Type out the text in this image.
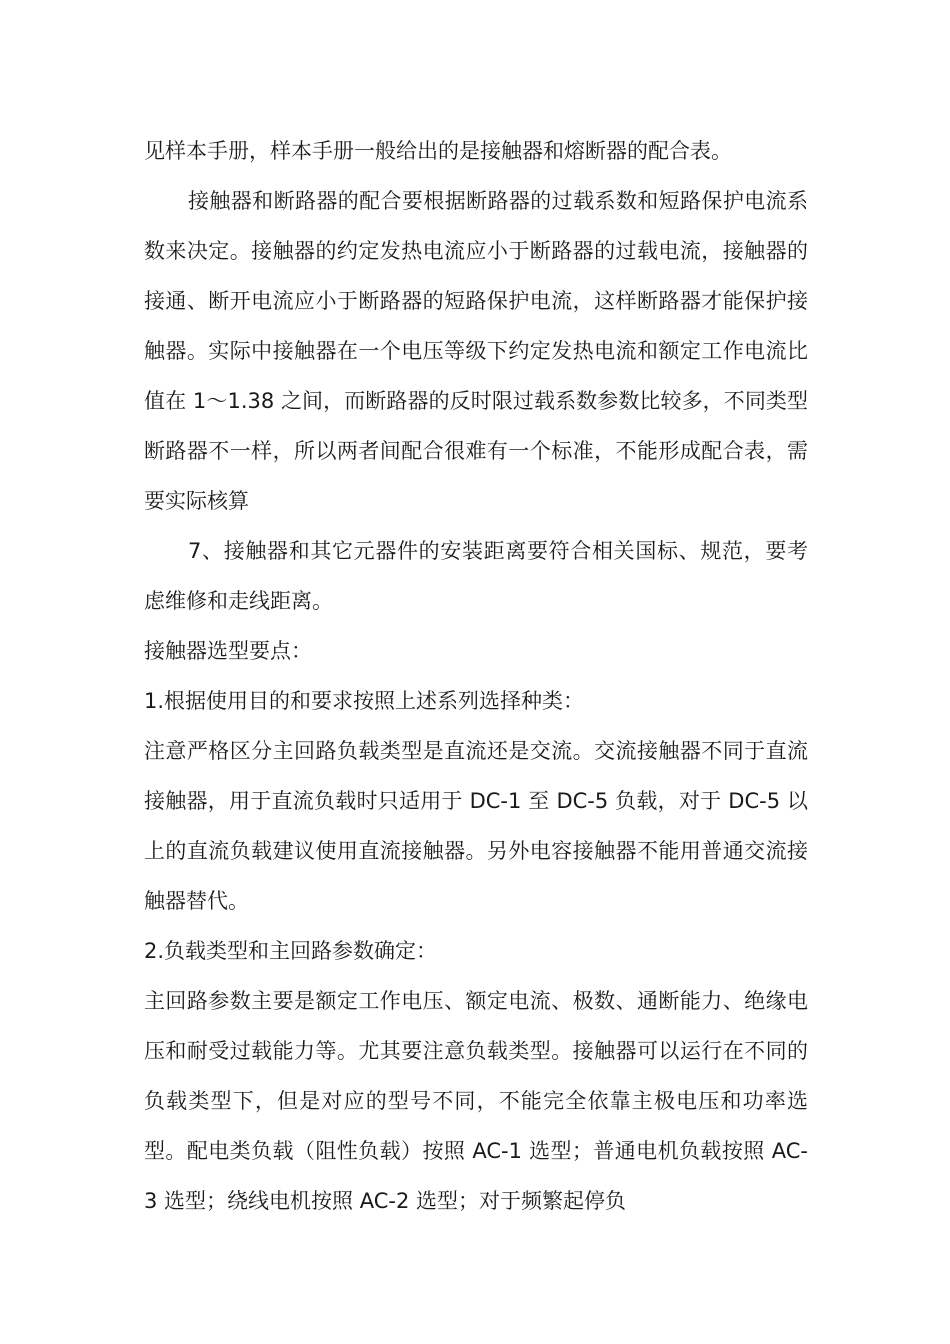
见样本手册，样本手册一般给出的是接触器和熔断器的配合表。

接触器和断路器的配合要根据断路器的过载系数和短路保护电流系数来决定。接触器的约定发热电流应小于断路器的过载电流，接触器的接通、断开电流应小于断路器的短路保护电流，这样断路器才能保护接触器。实际中接触器在一个电压等级下约定发热电流和额定工作电流比值在 1～1.38 之间，而断路器的反时限过载系数参数比较多，不同类型断路器不一样，所以两者间配合很难有一个标准，不能形成配合表，需要实际核算

7、接触器和其它元器件的安装距离要符合相关国标、规范，要考虑维修和走线距离。

接触器选型要点：

1.根据使用目的和要求按照上述系列选择种类：

注意严格区分主回路负载类型是直流还是交流。交流接触器不同于直流接触器，用于直流负载时只适用于 DC-1 至 DC-5 负载，对于 DC-5 以上的直流负载建议使用直流接触器。另外电容接触器不能用普通交流接触器替代。

2.负载类型和主回路参数确定：

主回路参数主要是额定工作电压、额定电流、极数、通断能力、绝缘电压和耐受过载能力等。尤其要注意负载类型。接触器可以运行在不同的负载类型下，但是对应的型号不同，不能完全依靠主极电压和功率选型。配电类负载（阻性负载）按照 AC-1 选型；普通电机负载按照 AC-3 选型；绕线电机按照 AC-2 选型；对于频繁起停负
